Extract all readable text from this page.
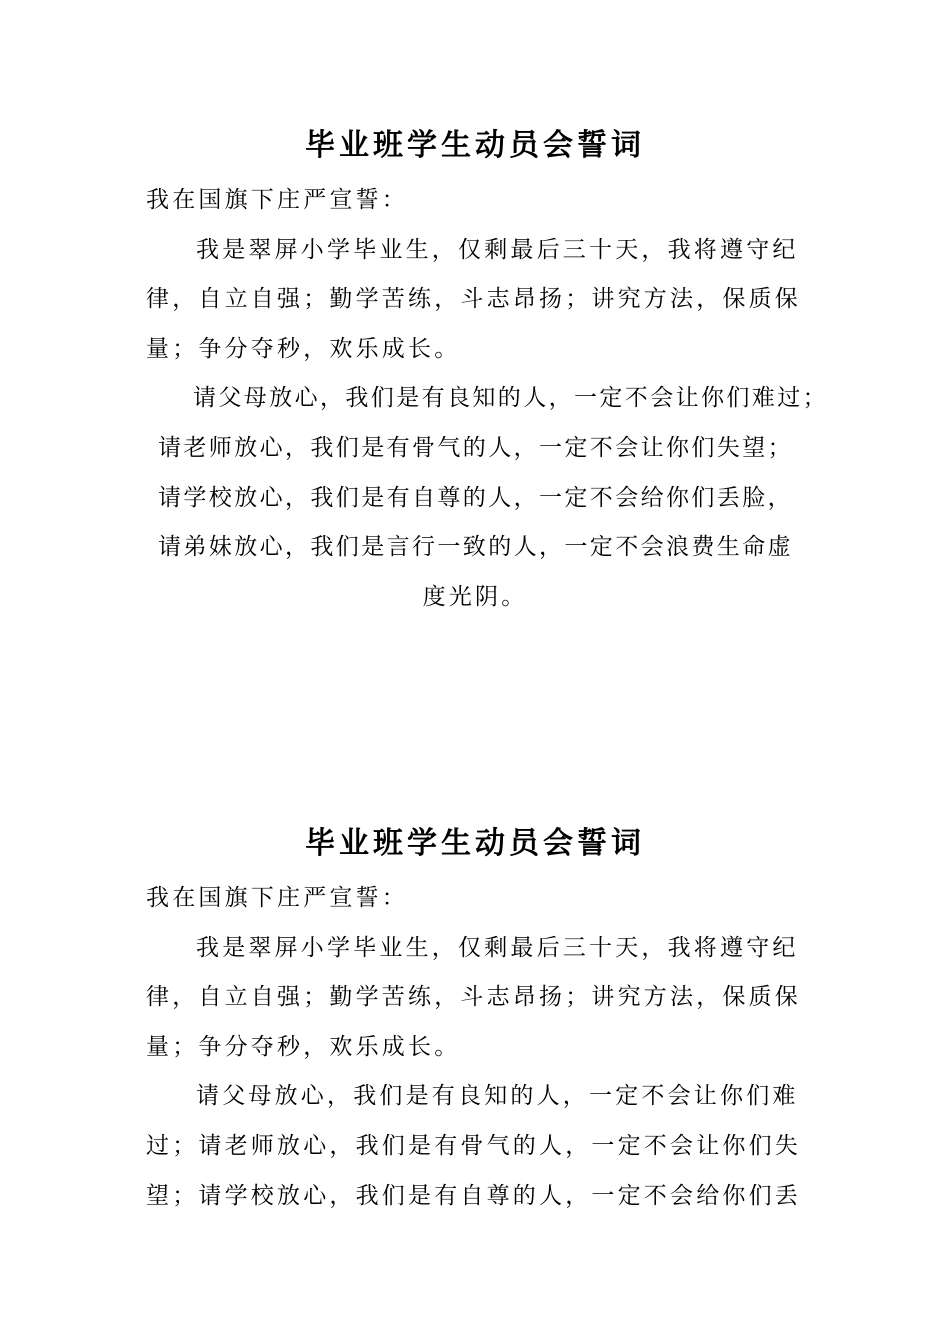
毕业班学生动员会誓词
我在国旗下庄严宣誓：
我是翠屏小学毕业生，仅剩最后三十天，我将遵守纪
律，自立自强；勤学苦练，斗志昂扬；讲究方法，保质保
量；争分夺秒，欢乐成长。
请父母放心，我们是有良知的人，一定不会让你们难过；
请老师放心，我们是有骨气的人，一定不会让你们失望；
请学校放心，我们是有自尊的人，一定不会给你们丢脸，
请弟妹放心，我们是言行一致的人，一定不会浪费生命虚
度光阴。
毕业班学生动员会誓词
我在国旗下庄严宣誓：
我是翠屏小学毕业生，仅剩最后三十天，我将遵守纪
律，自立自强；勤学苦练，斗志昂扬；讲究方法，保质保
量；争分夺秒，欢乐成长。
请父母放心，我们是有良知的人，一定不会让你们难
过；请老师放心，我们是有骨气的人，一定不会让你们失
望；请学校放心，我们是有自尊的人，一定不会给你们丢
